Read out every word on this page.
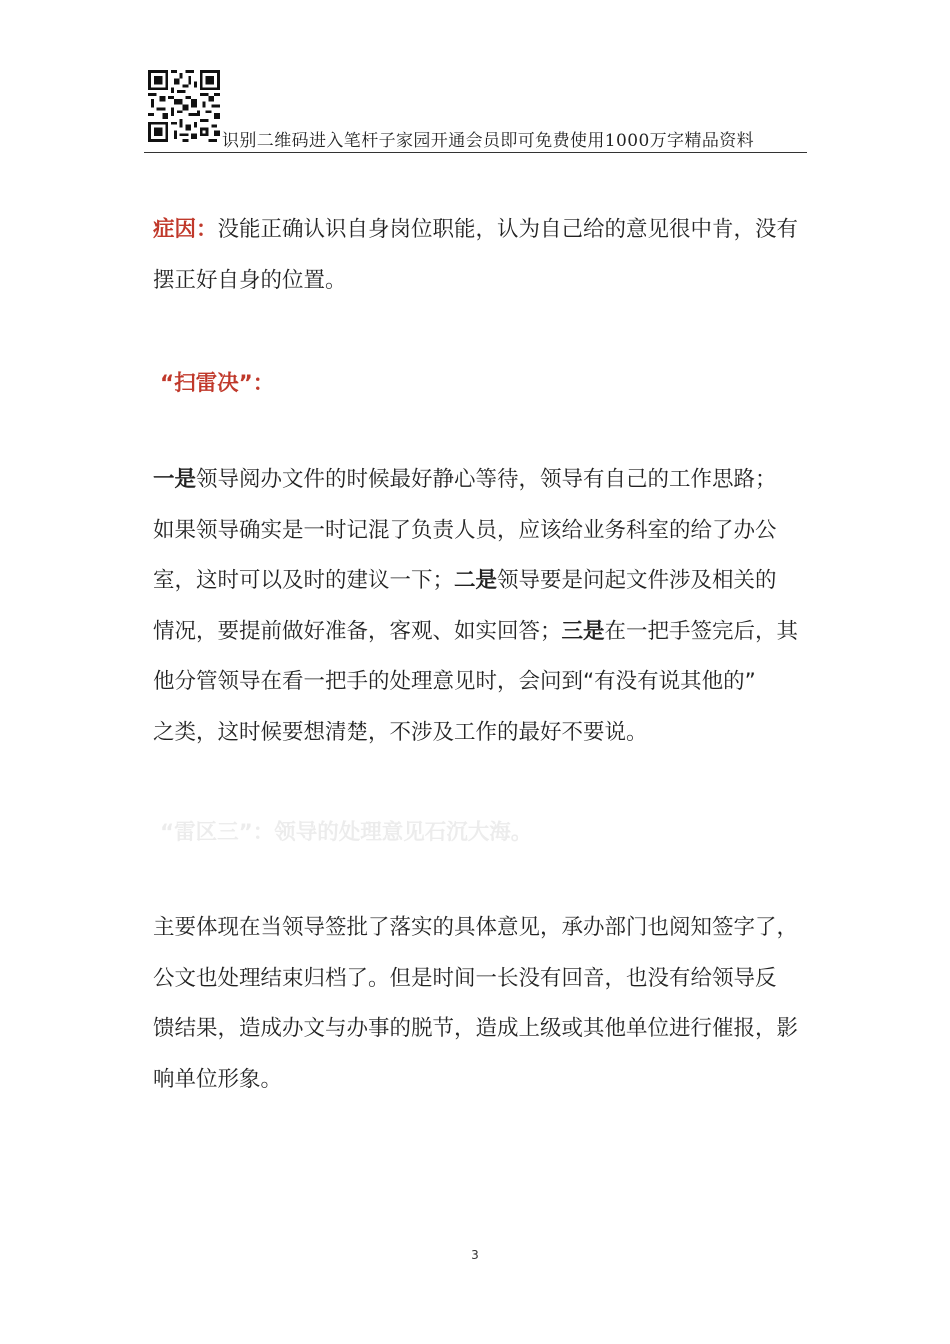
识别二维码进入笔杆子家园开通会员即可免费使用1000万字精品资料
症因：没能正确认识自身岗位职能，认为自己给的意见很中肯，没有
摆正好自身的位置。
“扫雷决”：
一是领导阅办文件的时候最好静心等待，领导有自己的工作思路；
如果领导确实是一时记混了负责人员，应该给业务科室的给了办公
室，这时可以及时的建议一下；二是领导要是问起文件涉及相关的
情况，要提前做好准备，客观、如实回答；三是在一把手签完后，其
他分管领导在看一把手的处理意见时，会问到“有没有说其他的”
之类，这时候要想清楚，不涉及工作的最好不要说。
“雷区三”：领导的处理意见石沉大海。
主要体现在当领导签批了落实的具体意见，承办部门也阅知签字了，
公文也处理结束归档了。但是时间一长没有回音，也没有给领导反
馈结果，造成办文与办事的脱节，造成上级或其他单位进行催报，影
响单位形象。
3
